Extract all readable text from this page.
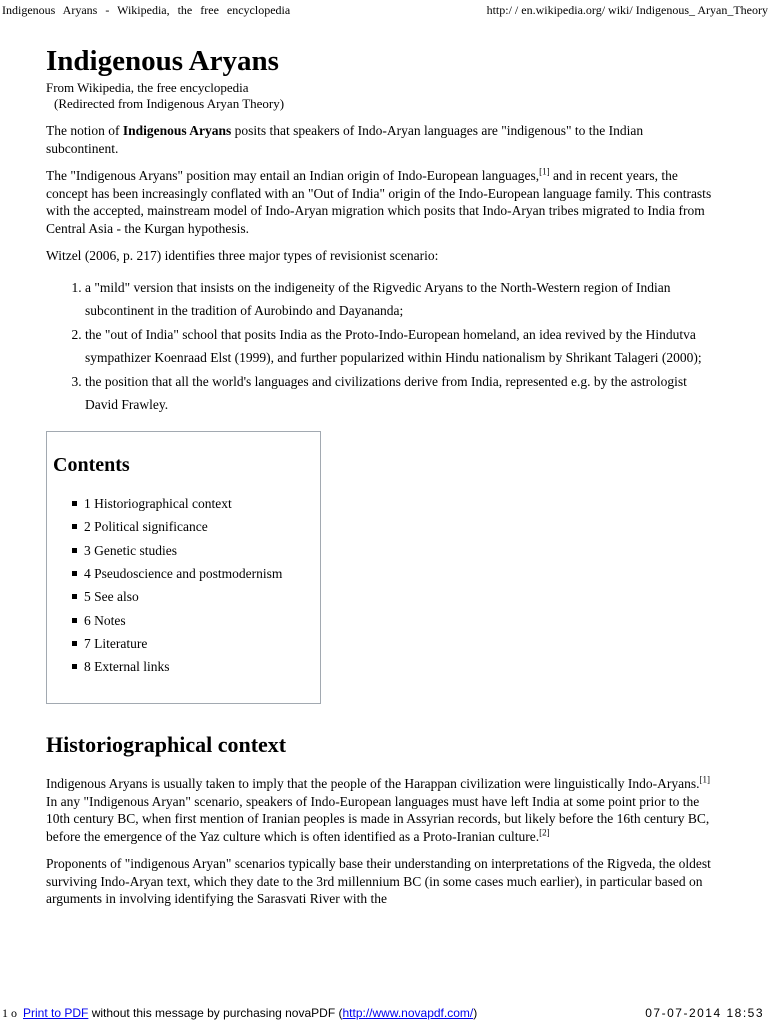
Indigenous Aryans - Wikipedia, the free encyclopedia	http:/ / en.wikipedia.org/ wiki/ Indigenous_ Aryan_Theory
Indigenous Aryans
From Wikipedia, the free encyclopedia
(Redirected from Indigenous Aryan Theory)

The notion of Indigenous Aryans posits that speakers of Indo-Aryan languages are "indigenous" to the Indian subcontinent.

The "Indigenous Aryans" position may entail an Indian origin of Indo-European languages,[1] and in recent years, the concept has been increasingly conflated with an "Out of India" origin of the Indo-European language family. This contrasts with the accepted, mainstream model of Indo-Aryan migration which posits that Indo-Aryan tribes migrated to India from Central Asia - the Kurgan hypothesis.

Witzel (2006, p. 217) identifies three major types of revisionist scenario:

1. a "mild" version that insists on the indigeneity of the Rigvedic Aryans to the North-Western region of Indian subcontinent in the tradition of Aurobindo and Dayananda;
2. the "out of India" school that posits India as the Proto-Indo-European homeland, an idea revived by the Hindutva sympathizer Koenraad Elst (1999), and further popularized within Hindu nationalism by Shrikant Talageri (2000);
3. the position that all the world's languages and civilizations derive from India, represented e.g. by the astrologist David Frawley.
Contents
1 Historiographical context
2 Political significance
3 Genetic studies
4 Pseudoscience and postmodernism
5 See also
6 Notes
7 Literature
8 External links
Historiographical context

Indigenous Aryans is usually taken to imply that the people of the Harappan civilization were linguistically Indo-Aryans.[1] In any "Indigenous Aryan" scenario, speakers of Indo-European languages must have left India at some point prior to the 10th century BC, when first mention of Iranian peoples is made in Assyrian records, but likely before the 16th century BC, before the emergence of the Yaz culture which is often identified as a Proto-Iranian culture.[2]

Proponents of "indigenous Aryan" scenarios typically base their understanding on interpretations of the Rigveda, the oldest surviving Indo-Aryan text, which they date to the 3rd millennium BC (in some cases much earlier), in particular based on arguments in involving identifying the Sarasvati River with the

1 o Print to PDF without this message by purchasing novaPDF (http://www.novapdf.com/)	07-07-2014 18:53
